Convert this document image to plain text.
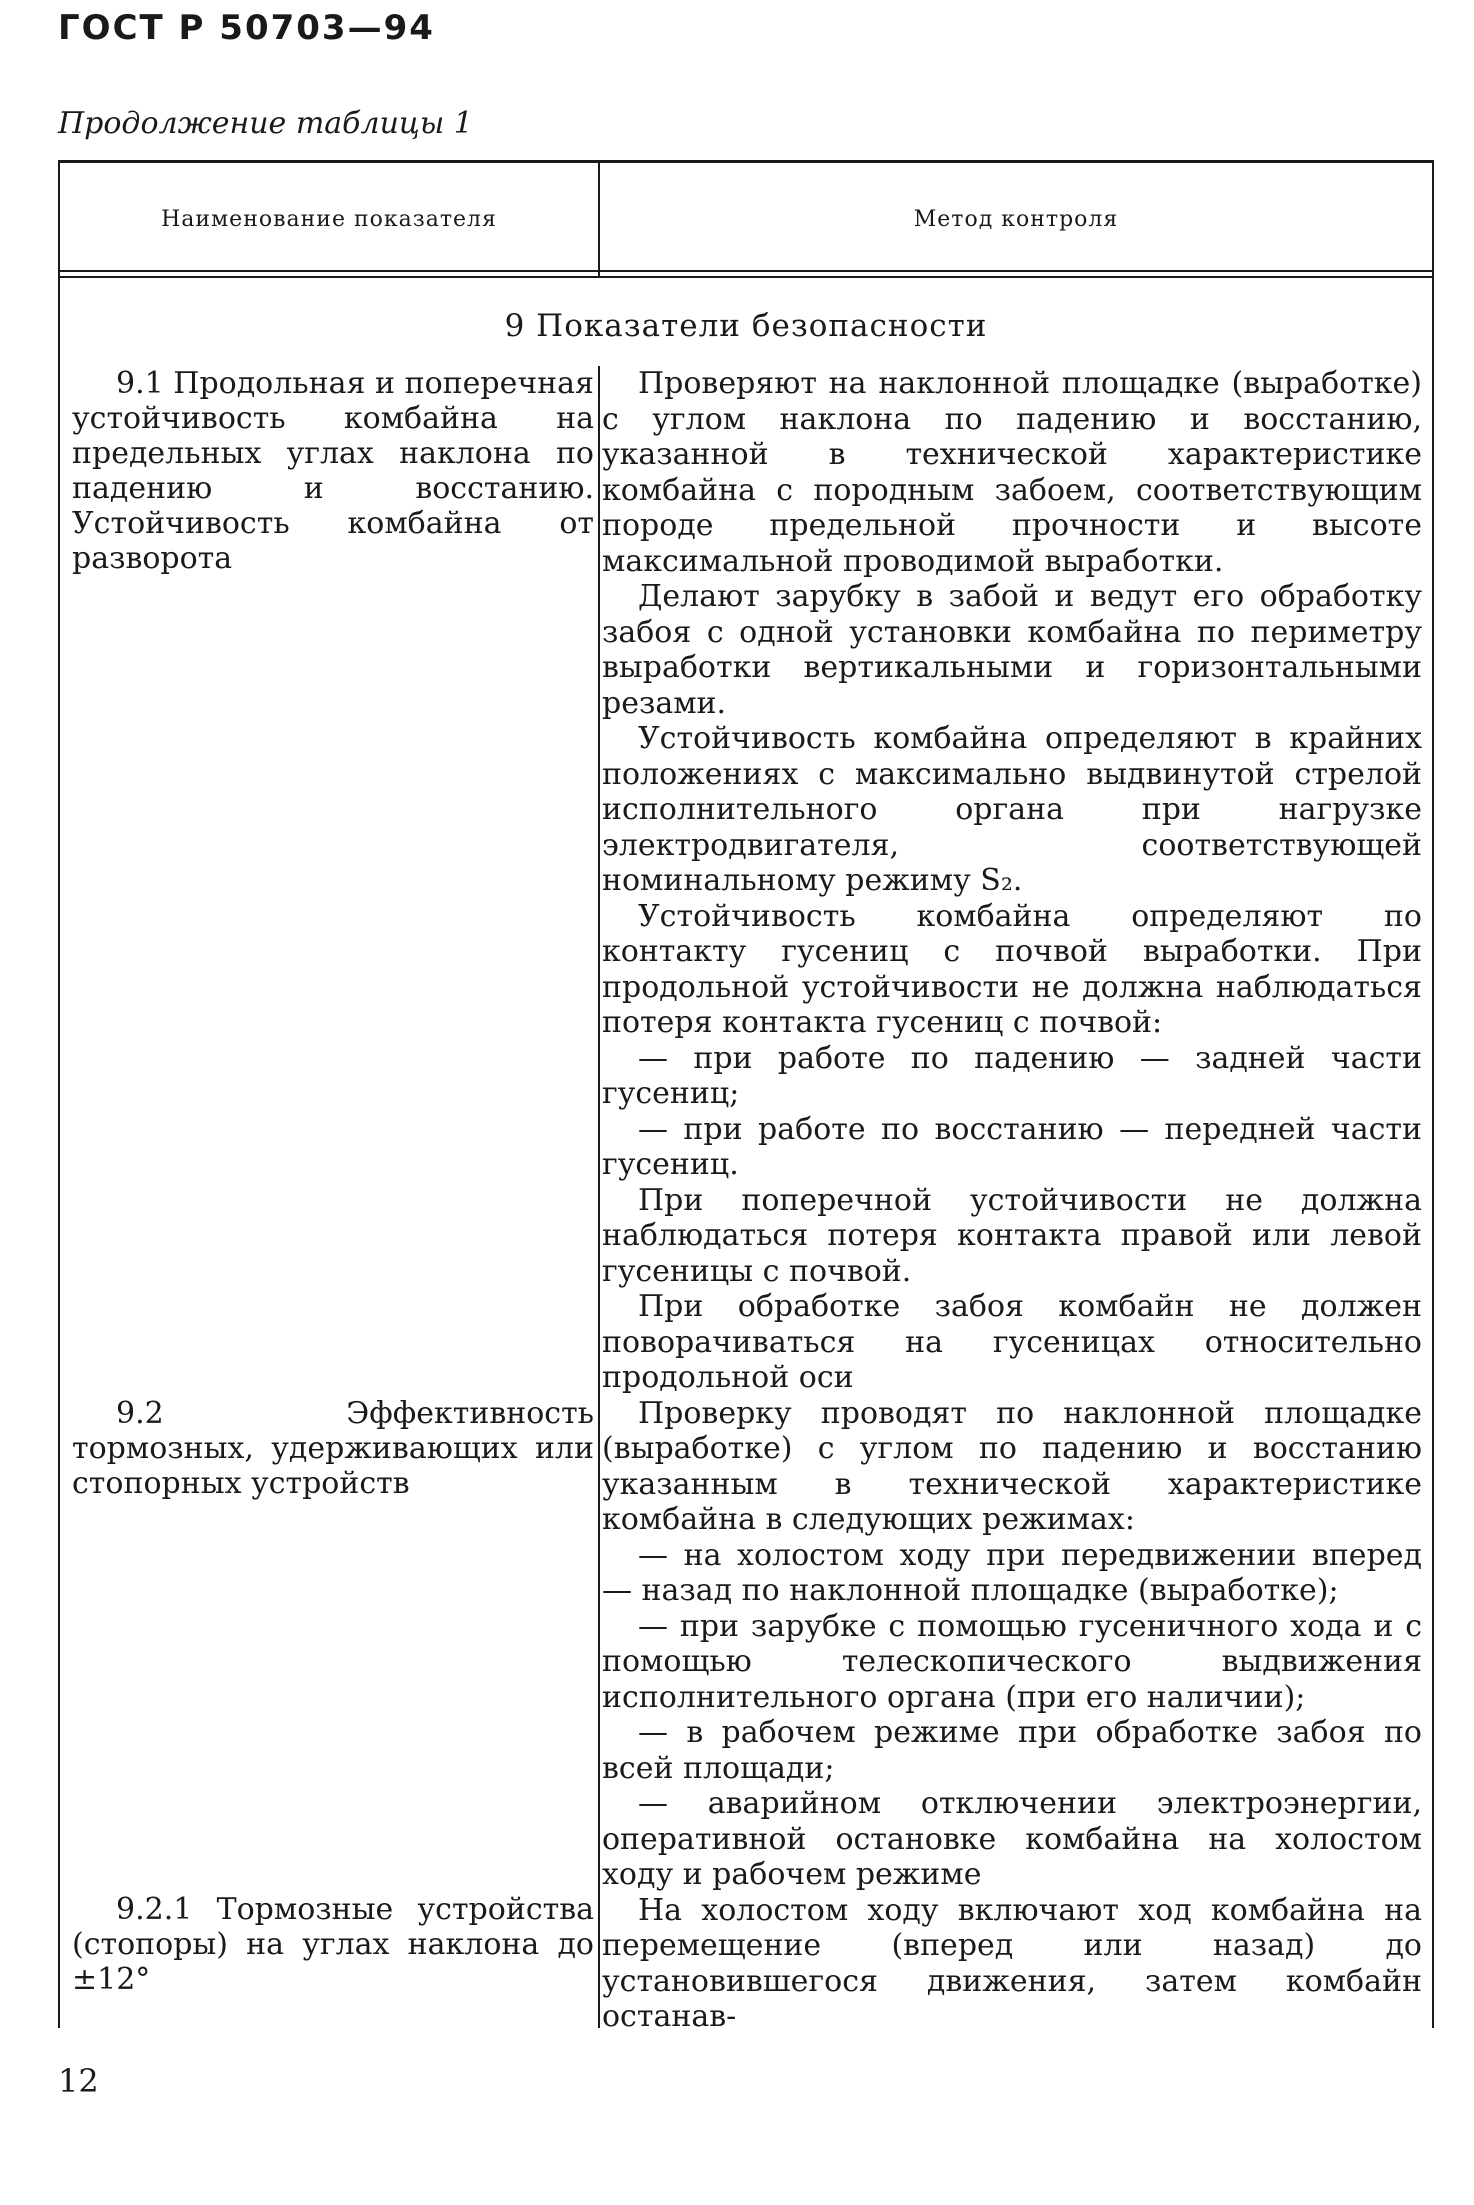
ГОСТ Р 50703—94
Продолжение таблицы 1
Наименование показателя	Метод контроля
9 Показатели безопасности

9.1 Продольная и поперечная устойчивость комбайна на предельных углах наклона по падению и восстанию. Устойчивость комбайна от разворота

9.2 Эффективность тормозных, удерживающих или стопорных устройств

9.2.1 Тормозные устройства (стопоры) на углах наклона до ±12°

Проверяют на наклонной площадке (выработке) с углом наклона по падению и восстанию, указанной в технической характеристике комбайна с породным забоем, соответствующим породе предельной прочности и высоте максимальной проводимой выработки.

Делают зарубку в забой и ведут его обработку забоя с одной установки комбайна по периметру выработки вертикальными и горизонтальными резами.

Устойчивость комбайна определяют в крайних положениях с максимально выдвинутой стрелой исполнительного органа при нагрузке электродвигателя, соответствующей номинальному режиму S₂.

Устойчивость комбайна определяют по контакту гусениц с почвой выработки. При продольной устойчивости не должна наблюдаться потеря контакта гусениц с почвой:

— при работе по падению — задней части гусениц;

— при работе по восстанию — передней части гусениц.

При поперечной устойчивости не должна наблюдаться потеря контакта правой или левой гусеницы с почвой.

При обработке забоя комбайн не должен поворачиваться на гусеницах относительно продольной оси

Проверку проводят по наклонной площадке (выработке) с углом по падению и восстанию указанным в технической характеристике комбайна в следующих режимах:

— на холостом ходу при передвижении вперед — назад по наклонной площадке (выработке);

— при зарубке с помощью гусеничного хода и с помощью телескопического выдвижения исполнительного органа (при его наличии);

— в рабочем режиме при обработке забоя по всей площади;

— аварийном отключении электроэнергии, оперативной остановке комбайна на холостом ходу и рабочем режиме

На холостом ходу включают ход комбайна на перемещение (вперед или назад) до установившегося движения, затем комбайн останав-

12
